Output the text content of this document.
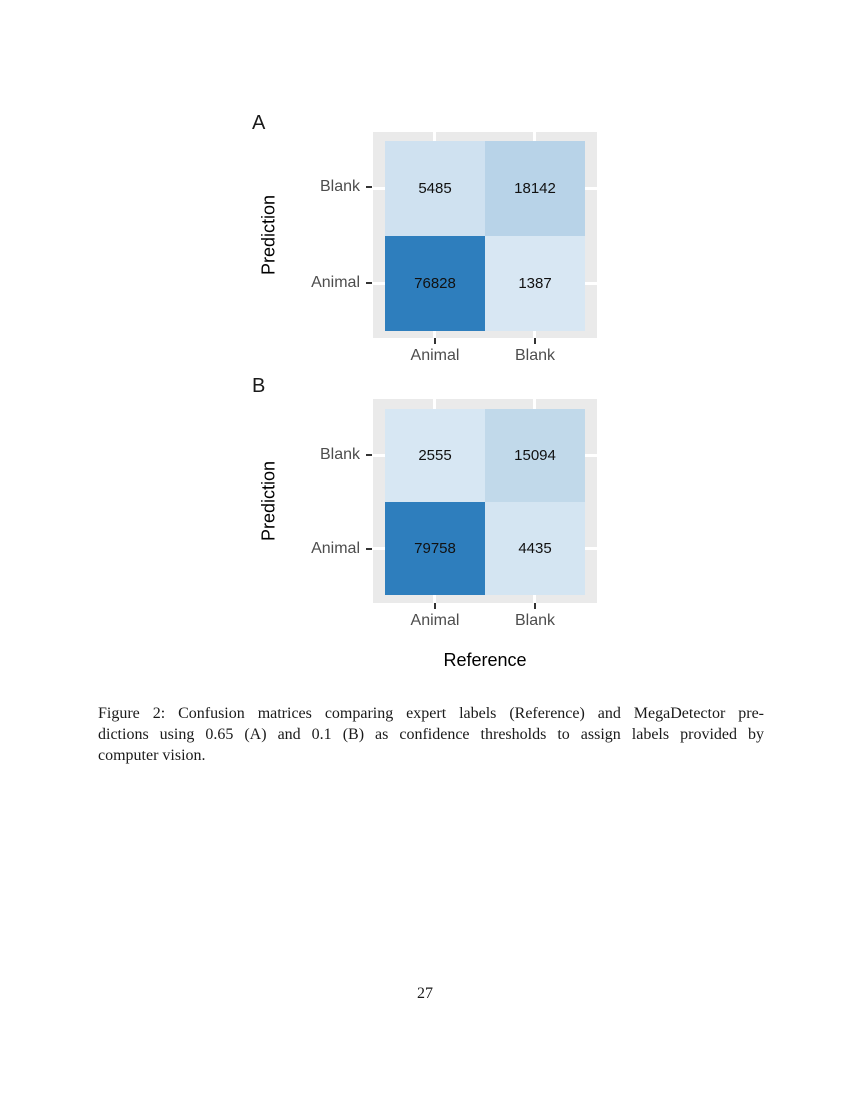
A
Prediction
Blank
Animal
5485	18142
76828	1387
Animal	Blank
B
Prediction
Blank
Animal
2555	15094
79758	4435
Animal	Blank
Reference
Figure 2: Confusion matrices comparing expert labels (Reference) and MegaDetector pre-
dictions using 0.65 (A) and 0.1 (B) as confidence thresholds to assign labels provided by
computer vision.
27
